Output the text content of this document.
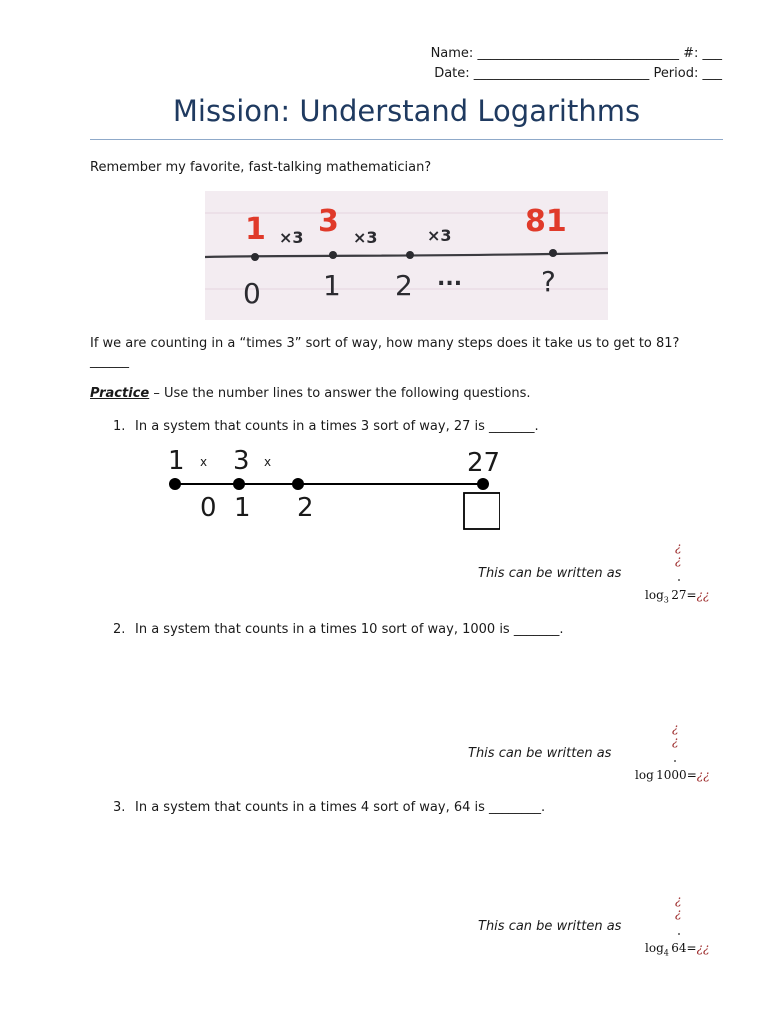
Name: _______________________________ #: ___
Date: ___________________________ Period: ___
Mission: Understand Logarithms
Remember my favorite, fast-talking mathematician?
1 3	81
×3	×3	×3
0 1 2 ...	?
If we are counting in a “times 3” sort of way, how many steps does it take us to get to 81?
______
Practice – Use the number lines to answer the following questions.
1. In a system that counts in a times 3 sort of way, 27 is _______.
1 3	27
x	x
0 1 2
This can be written as
¿
¿
$\log_3$  27=¿¿
2. In a system that counts in a times 10 sort of way, 1000 is _______.
This can be written as
¿
¿
log  1000=¿¿
3. In a system that counts in a times 4 sort of way, 64 is ________.
This can be written as
¿
¿
$\log_4$  64=¿¿
